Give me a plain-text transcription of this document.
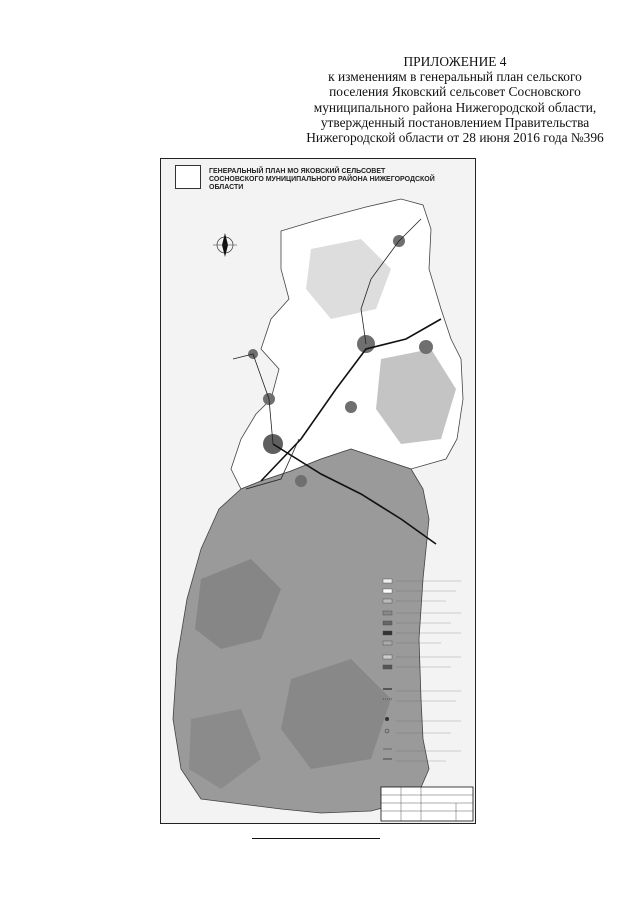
ПРИЛОЖЕНИЕ 4
к изменениям в генеральный план сельского
поселения Яковский сельсовет Сосновского
муниципального района Нижегородской области,
утвержденный постановлением Правительства
Нижегородской области от 28 июня 2016 года №396
ГЕНЕРАЛЬНЫЙ ПЛАН МО ЯКОВСКИЙ СЕЛЬСОВЕТ
СОСНОВСКОГО МУНИЦИПАЛЬНОГО РАЙОНА НИЖЕГОРОДСКОЙ ОБЛАСТИ
